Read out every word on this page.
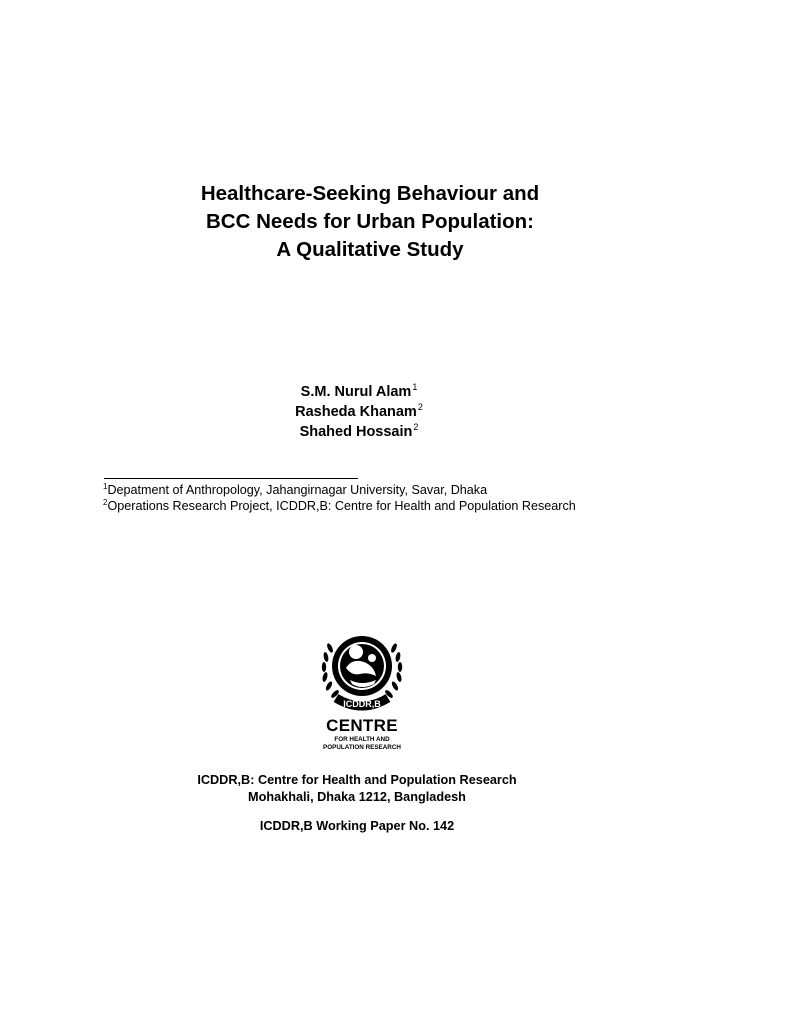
Healthcare-Seeking Behaviour and
BCC Needs for Urban Population:
A Qualitative Study
S.M. Nurul Alam$^1$
Rasheda Khanam$^2$
Shahed Hossain$^2$
$^1$Depatment of Anthropology, Jahangirnagar University, Savar, Dhaka
$^2$Operations Research Project, ICDDR,B: Centre for Health and Population Research
ICDDR,B
CENTRE
FOR HEALTH AND
POPULATION RESEARCH
ICDDR,B: Centre for Health and Population Research
Mohakhali, Dhaka 1212, Bangladesh
ICDDR,B Working Paper No. 142
